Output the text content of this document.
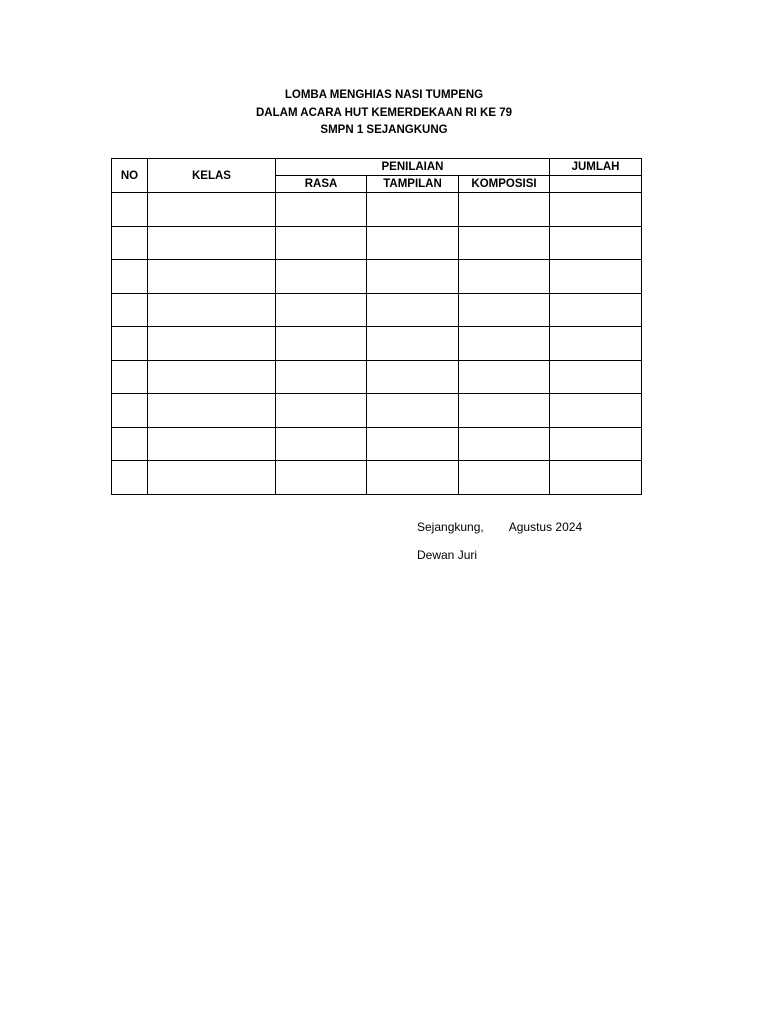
LOMBA MENGHIAS NASI TUMPENG
DALAM ACARA HUT KEMERDEKAAN RI KE 79
SMPN 1 SEJANGKUNG
NO	KELAS	PENILAIAN			JUMLAH
		RASA	TAMPILAN	KOMPOSISI	

Sejangkung, Agustus 2024
Dewan Juri
